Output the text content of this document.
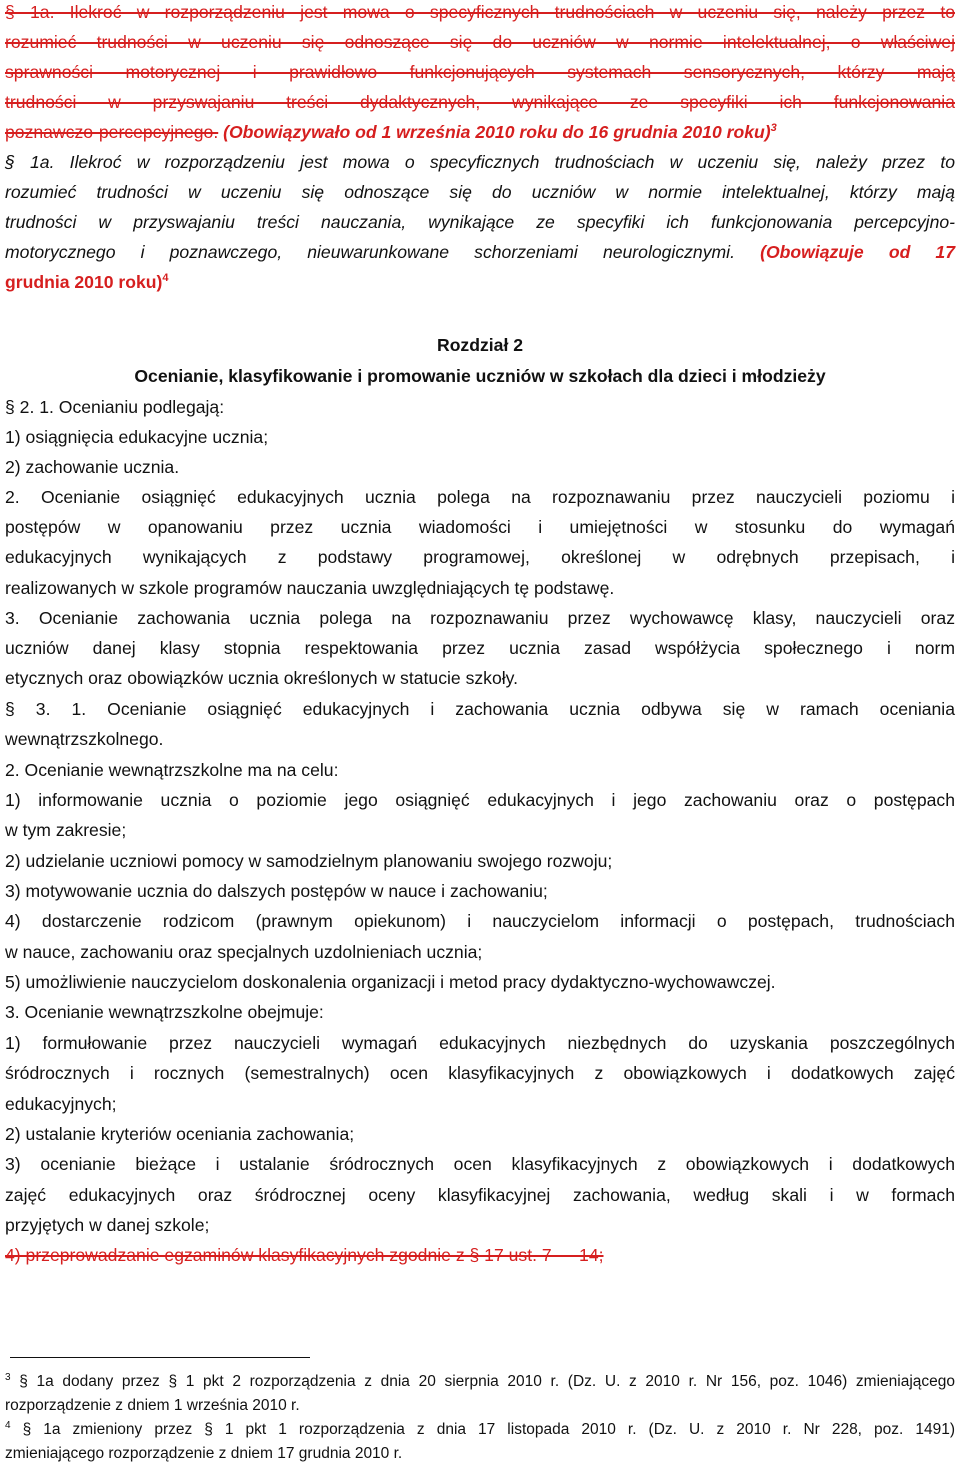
§ 1a. Ilekroć w rozporządzeniu jest mowa o specyficznych trudnościach w uczeniu się, należy przez to
rozumieć trudności w uczeniu się odnoszące się do uczniów w normie intelektualnej, o właściwej
sprawności motorycznej i prawidłowo funkcjonujących systemach sensorycznych, którzy mają
trudności w przyswajaniu treści dydaktycznych, wynikające ze specyfiki ich funkcjonowania
poznawczo-percepcyjnego. (Obowiązywało od 1 września 2010 roku do 16 grudnia 2010 roku)$^3$
§ 1a. Ilekroć w rozporządzeniu jest mowa o specyficznych trudnościach w uczeniu się, należy przez to
rozumieć trudności w uczeniu się odnoszące się do uczniów w normie intelektualnej, którzy mają
trudności w przyswajaniu treści nauczania, wynikające ze specyfiki ich funkcjonowania percepcyjno-
motorycznego i poznawczego, nieuwarunkowane schorzeniami neurologicznymi. (Obowiązuje od 17
grudnia 2010 roku)$^4$
Rozdział 2
Ocenianie, klasyfikowanie i promowanie uczniów w szkołach dla dzieci i młodzieży
§ 2. 1. Ocenianiu podlegają:
1) osiągnięcia edukacyjne ucznia;
2) zachowanie ucznia.
2. Ocenianie osiągnięć edukacyjnych ucznia polega na rozpoznawaniu przez nauczycieli poziomu i
postępów w opanowaniu przez ucznia wiadomości i umiejętności w stosunku do wymagań
edukacyjnych wynikających z podstawy programowej, określonej w odrębnych przepisach, i
realizowanych w szkole programów nauczania uwzględniających tę podstawę.
3. Ocenianie zachowania ucznia polega na rozpoznawaniu przez wychowawcę klasy, nauczycieli oraz
uczniów danej klasy stopnia respektowania przez ucznia zasad współżycia społecznego i norm
etycznych oraz obowiązków ucznia określonych w statucie szkoły.
§ 3. 1. Ocenianie osiągnięć edukacyjnych i zachowania ucznia odbywa się w ramach oceniania
wewnątrzszkolnego.
2. Ocenianie wewnątrzszkolne ma na celu:
1) informowanie ucznia o poziomie jego osiągnięć edukacyjnych i jego zachowaniu oraz o postępach
w tym zakresie;
2) udzielanie uczniowi pomocy w samodzielnym planowaniu swojego rozwoju;
3) motywowanie ucznia do dalszych postępów w nauce i zachowaniu;
4) dostarczenie rodzicom (prawnym opiekunom) i nauczycielom informacji o postępach, trudnościach
w nauce, zachowaniu oraz specjalnych uzdolnieniach ucznia;
5) umożliwienie nauczycielom doskonalenia organizacji i metod pracy dydaktyczno-wychowawczej.
3. Ocenianie wewnątrzszkolne obejmuje:
1) formułowanie przez nauczycieli wymagań edukacyjnych niezbędnych do uzyskania poszczególnych
śródrocznych i rocznych (semestralnych) ocen klasyfikacyjnych z obowiązkowych i dodatkowych zajęć
edukacyjnych;
2) ustalanie kryteriów oceniania zachowania;
3) ocenianie bieżące i ustalanie śródrocznych ocen klasyfikacyjnych z obowiązkowych i dodatkowych
zajęć edukacyjnych oraz śródrocznej oceny klasyfikacyjnej zachowania, według skali i w formach
przyjętych w danej szkole;
4) przeprowadzanie egzaminów klasyfikacyjnych zgodnie z § 17 ust. 7 — 14;
$^3$ § 1a dodany przez § 1 pkt 2 rozporządzenia z dnia 20 sierpnia 2010 r. (Dz. U. z 2010 r. Nr 156, poz. 1046) zmieniającego
rozporządzenie z dniem 1 września 2010 r.
$^4$ § 1a zmieniony przez § 1 pkt 1 rozporządzenia z dnia 17 listopada 2010 r. (Dz. U. z 2010 r. Nr 228, poz. 1491)
zmieniającego rozporządzenie z dniem 17 grudnia 2010 r.
